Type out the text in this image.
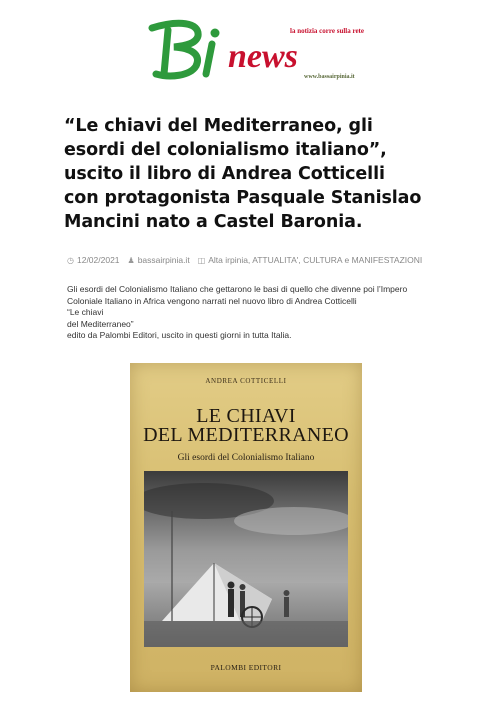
news
la notizia corre sulla rete
www.bassairpinia.it
“Le chiavi del Mediterraneo, gli esordi del colonialismo italiano”, uscito il libro di Andrea Cotticelli con protagonista Pasquale Stanislao Mancini nato a Castel Baronia.
◷ 12/02/2021 ♟ bassairpinia.it ◫ Alta irpinia, ATTUALITA', CULTURA e MANIFESTAZIONI

Gli esordi del Colonialismo Italiano che gettarono le basi di quello che divenne poi l’Impero Coloniale Italiano in Africa vengono narrati nel nuovo libro di Andrea Cotticelli

“Le chiavi

del Mediterraneo”

edito da Palombi Editori, uscito in questi giorni in tutta Italia.

ANDREA COTTICELLI
LE CHIAVI
DEL MEDITERRANEO
Gli esordi del Colonialismo Italiano
PALOMBI EDITORI
